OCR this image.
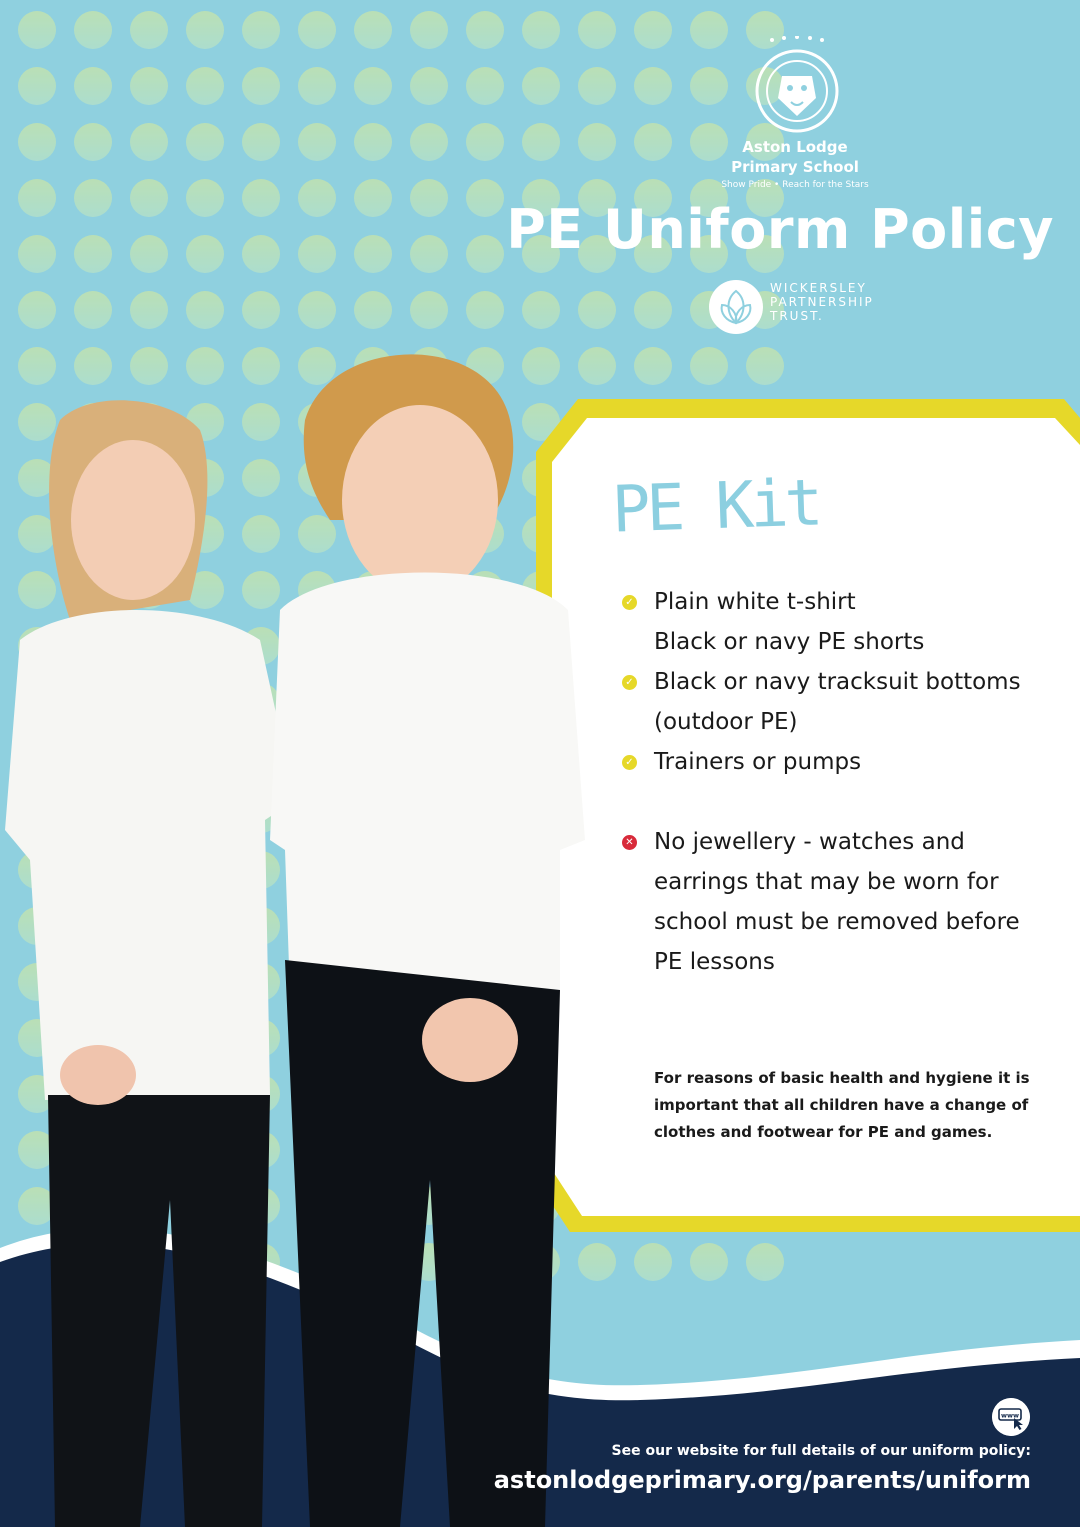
Aston Lodge
Primary School
Show Pride • Reach for the Stars
PE Uniform Policy
WICKERSLEY
PARTNERSHIP
TRUST.
PE Kit
✓ Plain white t-shirt
Black or navy PE shorts
✓ Black or navy tracksuit bottoms
(outdoor PE)
✓ Trainers or pumps
✕ No jewellery - watches and
earrings that may be worn for
school must be removed before
PE lessons
For reasons of basic health and hygiene it is
important that all children have a change of
clothes and footwear for PE and games.
www
See our website for full details of our uniform policy:
astonlodgeprimary.org/parents/uniform
